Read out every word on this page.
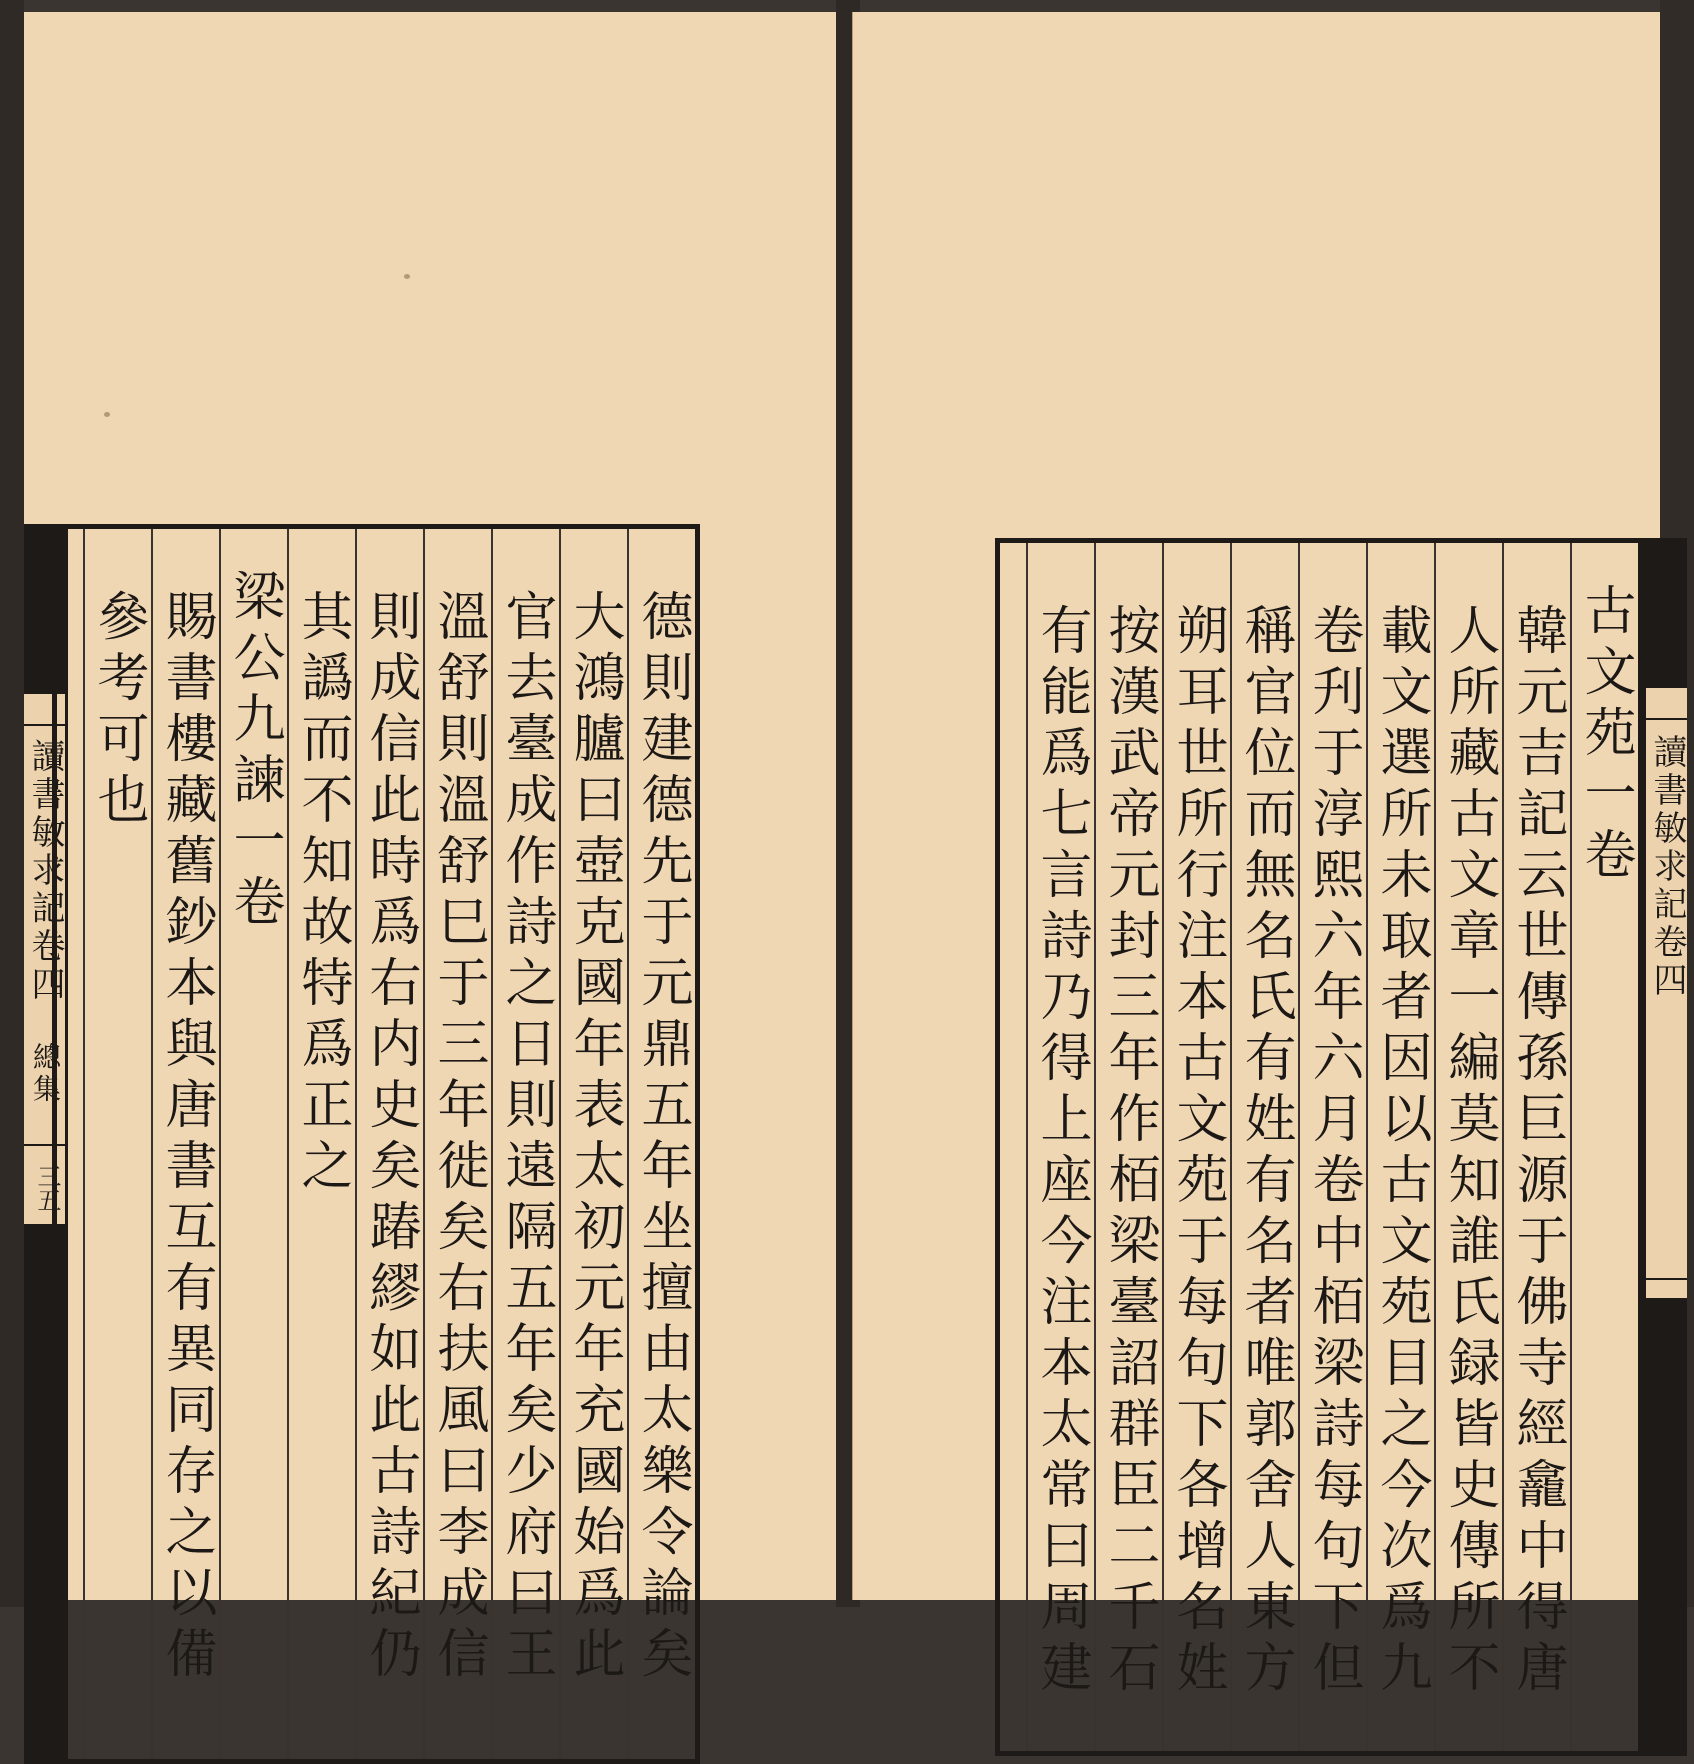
讀書敏求記卷四
總集
三五	德則建德先于元鼎五年坐擅由太樂令論矣
大鴻臚曰壺克國年表太初元年充國始爲此
官去臺成作詩之日則遠隔五年矣少府曰王
溫舒則溫舒巳于三年徙矣右扶風曰李成信
則成信此時爲右内史矣踳繆如此古詩紀仍
其譌而不知故特爲正之
梁公九諫一卷
賜書樓藏舊鈔本與唐書互有異同存之以備
參考可也	古文苑一卷
韓元吉記云世傳孫巨源于佛寺經龕中得唐
人所藏古文章一編莫知誰氏録皆史傳所不
載文選所未取者因以古文苑目之今次爲九
卷刋于淳熙六年六月卷中栢梁詩每句下但
稱官位而無名氏有姓有名者唯郭舍人東方
朔耳世所行注本古文苑于每句下各增名姓
按漢武帝元封三年作栢梁臺詔群臣二千石
有能爲七言詩乃得上座今注本太常曰周建	讀書敏求記卷四
